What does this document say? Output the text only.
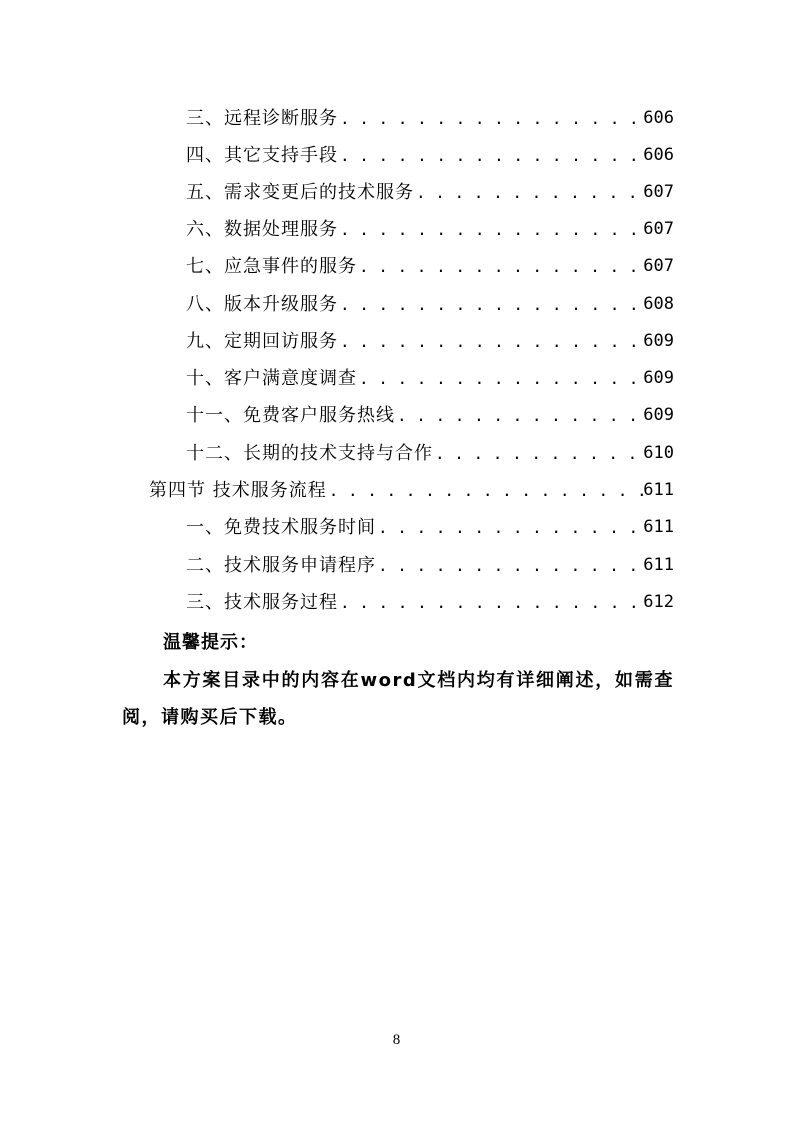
三、远程诊断服务 . . .	606
四、其它支持手段 . . .	606
五、需求变更后的技术服务 . . .	607
六、数据处理服务 . . .	607
七、应急事件的服务 . . .	607
八、版本升级服务 . . .	608
九、定期回访服务 . . .	609
十、客户满意度调查 . . .	609
十一、免费客户服务热线 . . .	609
十二、长期的技术支持与合作 . . .	610
第四节 技术服务流程 . . .	611
一、免费技术服务时间 . . .	611
二、技术服务申请程序 . . .	611
三、技术服务过程 . . .	612
温馨提示：
本方案目录中的内容在word文档内均有详细阐述，如需查阅，请购买后下载。
8
